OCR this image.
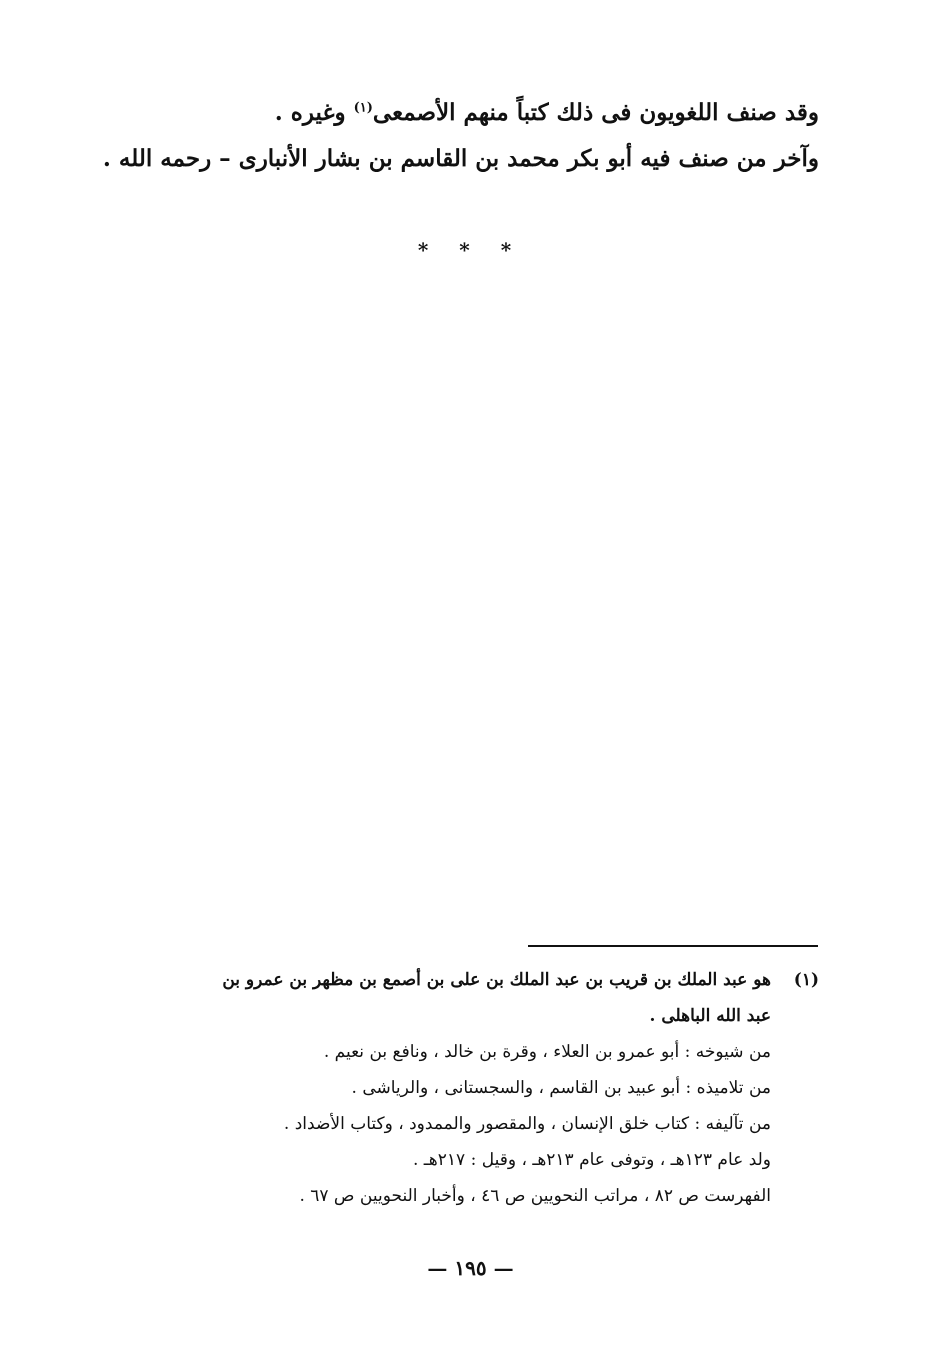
وقد صنف اللغويون فى ذلك كتباً منهم الأصمعى$^{(١)}$ وغيره .
وآخر من صنف فيه أبو بكر محمد بن القاسم بن بشار الأنبارى – رحمه الله .
* * *
(١)
هو عبد الملك بن قريب بن عبد الملك بن على بن أصمع بن مظهر بن عمرو بن
عبد الله الباهلى .
من شيوخه : أبو عمرو بن العلاء ، وقرة بن خالد ، ونافع بن نعيم .
من تلاميذه : أبو عبيد بن القاسم ، والسجستانى ، والرياشى .
من تآليفه : كتاب خلق الإنسان ، والمقصور والممدود ، وكتاب الأضداد .
ولد عام ١٢٣هـ ، وتوفى عام ٢١٣هـ ، وقيل : ٢١٧هـ .
الفهرست ص ٨٢ ، مراتب النحويين ص ٤٦ ، وأخبار النحويين ص ٦٧ .
— ١٩٥ —
